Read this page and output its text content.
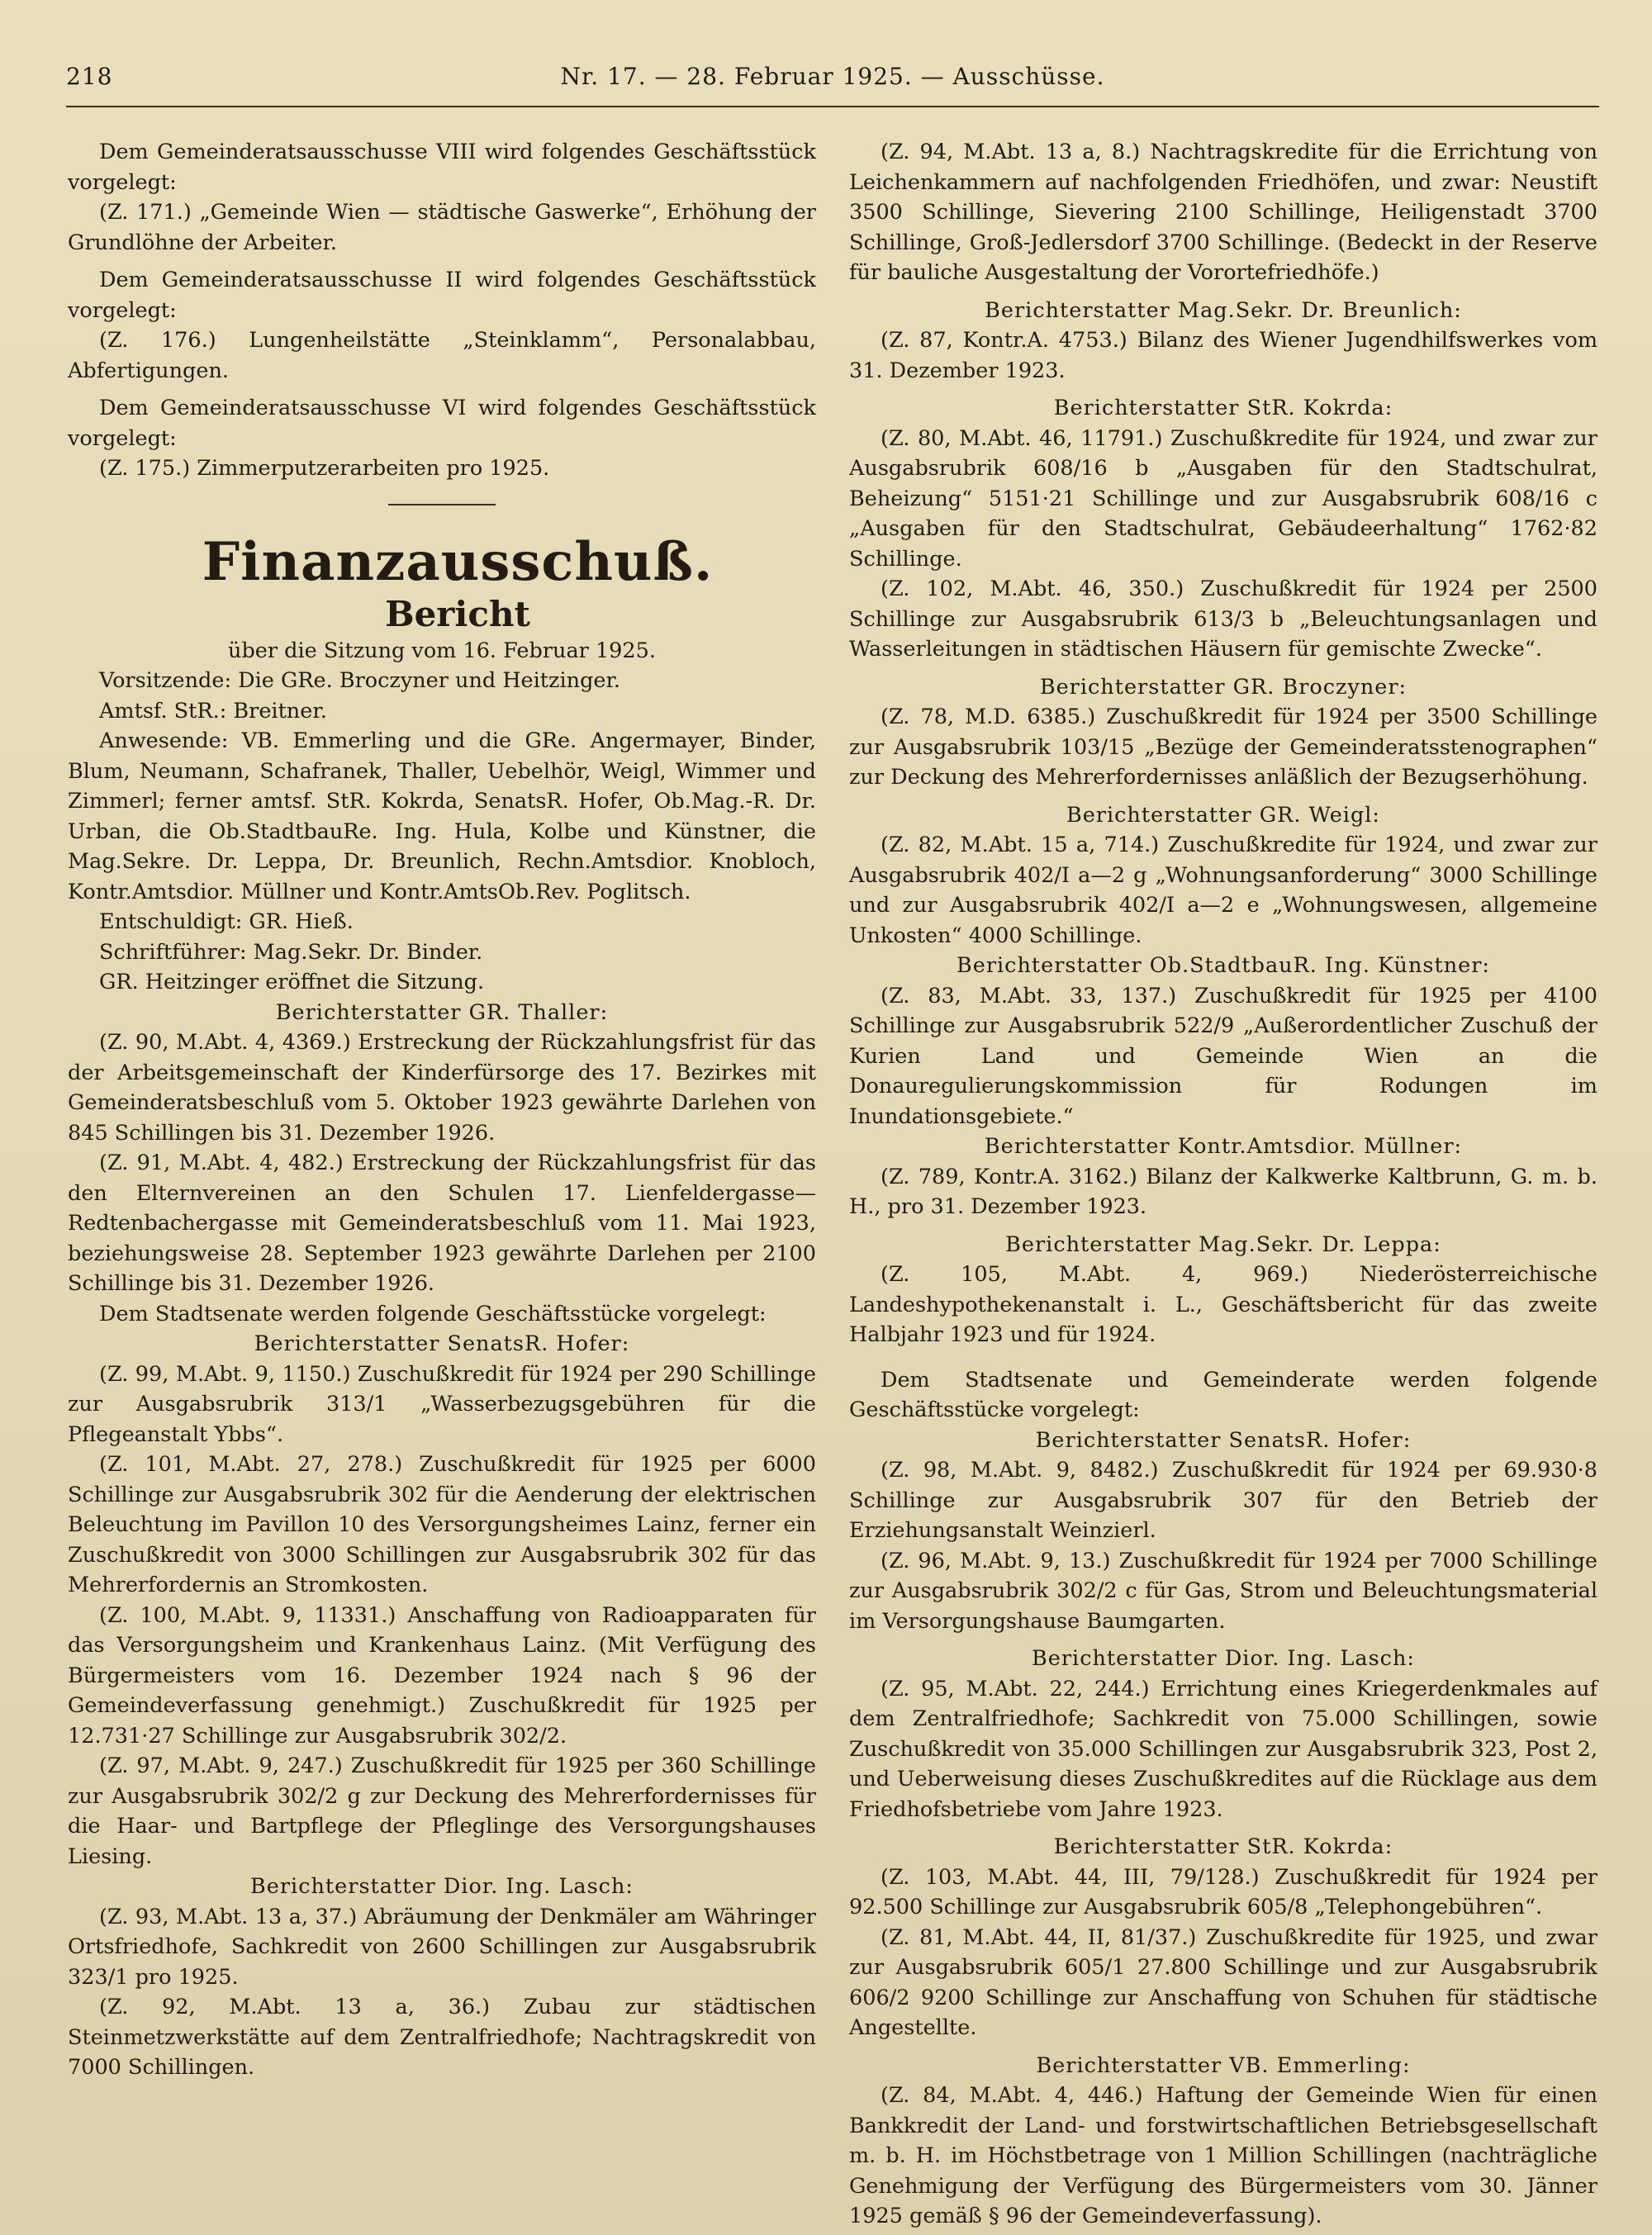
218	Nr. 17. — 28. Februar 1925. — Ausschüsse.

Dem Gemeinderatsausschusse VIII wird folgendes Geschäftsstück vorgelegt:

(Z. 171.) „Gemeinde Wien — städtische Gaswerke“, Erhöhung der Grundlöhne der Arbeiter.

Dem Gemeinderatsausschusse II wird folgendes Geschäftsstück vorgelegt:

(Z. 176.) Lungenheilstätte „Steinklamm“, Personalabbau, Abfertigungen.

Dem Gemeinderatsausschusse VI wird folgendes Geschäftsstück vorgelegt:

(Z. 175.) Zimmerputzerarbeiten pro 1925.

Finanzausschuß.

Bericht

über die Sitzung vom 16. Februar 1925.

Vorsitzende: Die GRe. Broczyner und Heitzinger.

Amtsf. StR.: Breitner.

Anwesende: VB. Emmerling und die GRe. Angermayer, Binder, Blum, Neumann, Schafranek, Thaller, Uebelhör, Weigl, Wimmer und Zimmerl; ferner amtsf. StR. Kokrda, SenatsR. Hofer, Ob.Mag.-R. Dr. Urban, die Ob.StadtbauRe. Ing. Hula, Kolbe und Künstner, die Mag.Sekre. Dr. Leppa, Dr. Breunlich, Rechn.Amtsdior. Knobloch, Kontr.Amtsdior. Müllner und Kontr.AmtsOb.Rev. Poglitsch.

Entschuldigt: GR. Hieß.

Schriftführer: Mag.Sekr. Dr. Binder.

GR. Heitzinger eröffnet die Sitzung.

Berichterstatter GR. Thaller:

(Z. 90, M.Abt. 4, 4369.) Erstreckung der Rückzahlungsfrist für das der Arbeitsgemeinschaft der Kinderfürsorge des 17. Bezirkes mit Gemeinderatsbeschluß vom 5. Oktober 1923 gewährte Darlehen von 845 Schillingen bis 31. Dezember 1926.

(Z. 91, M.Abt. 4, 482.) Erstreckung der Rückzahlungsfrist für das den Elternvereinen an den Schulen 17. Lienfeldergasse—Redtenbachergasse mit Gemeinderatsbeschluß vom 11. Mai 1923, beziehungsweise 28. September 1923 gewährte Darlehen per 2100 Schillinge bis 31. Dezember 1926.

Dem Stadtsenate werden folgende Geschäftsstücke vorgelegt:

Berichterstatter SenatsR. Hofer:

(Z. 99, M.Abt. 9, 1150.) Zuschußkredit für 1924 per 290 Schillinge zur Ausgabsrubrik 313/1 „Wasserbezugsgebühren für die Pflegeanstalt Ybbs“.

(Z. 101, M.Abt. 27, 278.) Zuschußkredit für 1925 per 6000 Schillinge zur Ausgabsrubrik 302 für die Aenderung der elektrischen Beleuchtung im Pavillon 10 des Versorgungsheimes Lainz, ferner ein Zuschußkredit von 3000 Schillingen zur Ausgabsrubrik 302 für das Mehrerfordernis an Stromkosten.

(Z. 100, M.Abt. 9, 11331.) Anschaffung von Radioapparaten für das Versorgungsheim und Krankenhaus Lainz. (Mit Verfügung des Bürgermeisters vom 16. Dezember 1924 nach § 96 der Gemeindeverfassung genehmigt.) Zuschußkredit für 1925 per 12.731·27 Schillinge zur Ausgabsrubrik 302/2.

(Z. 97, M.Abt. 9, 247.) Zuschußkredit für 1925 per 360 Schillinge zur Ausgabsrubrik 302/2 g zur Deckung des Mehrerfordernisses für die Haar- und Bartpflege der Pfleglinge des Versorgungshauses Liesing.

Berichterstatter Dior. Ing. Lasch:

(Z. 93, M.Abt. 13 a, 37.) Abräumung der Denkmäler am Währinger Ortsfriedhofe, Sachkredit von 2600 Schillingen zur Ausgabsrubrik 323/1 pro 1925.

(Z. 92, M.Abt. 13 a, 36.) Zubau zur städtischen Steinmetzwerkstätte auf dem Zentralfriedhofe; Nachtragskredit von 7000 Schillingen.

(Z. 94, M.Abt. 13 a, 8.) Nachtragskredite für die Errichtung von Leichenkammern auf nachfolgenden Friedhöfen, und zwar: Neustift 3500 Schillinge, Sievering 2100 Schillinge, Heiligenstadt 3700 Schillinge, Groß-Jedlersdorf 3700 Schillinge. (Bedeckt in der Reserve für bauliche Ausgestaltung der Vorortefriedhöfe.)

Berichterstatter Mag.Sekr. Dr. Breunlich:

(Z. 87, Kontr.A. 4753.) Bilanz des Wiener Jugendhilfswerkes vom 31. Dezember 1923.

Berichterstatter StR. Kokrda:

(Z. 80, M.Abt. 46, 11791.) Zuschußkredite für 1924, und zwar zur Ausgabsrubrik 608/16 b „Ausgaben für den Stadtschulrat, Beheizung“ 5151·21 Schillinge und zur Ausgabsrubrik 608/16 c „Ausgaben für den Stadtschulrat, Gebäudeerhaltung“ 1762·82 Schillinge.

(Z. 102, M.Abt. 46, 350.) Zuschußkredit für 1924 per 2500 Schillinge zur Ausgabsrubrik 613/3 b „Beleuchtungsanlagen und Wasserleitungen in städtischen Häusern für gemischte Zwecke“.

Berichterstatter GR. Broczyner:

(Z. 78, M.D. 6385.) Zuschußkredit für 1924 per 3500 Schillinge zur Ausgabsrubrik 103/15 „Bezüge der Gemeinderatsstenographen“ zur Deckung des Mehrerfordernisses anläßlich der Bezugserhöhung.

Berichterstatter GR. Weigl:

(Z. 82, M.Abt. 15 a, 714.) Zuschußkredite für 1924, und zwar zur Ausgabsrubrik 402/I a—2 g „Wohnungsanforderung“ 3000 Schillinge und zur Ausgabsrubrik 402/I a—2 e „Wohnungswesen, allgemeine Unkosten“ 4000 Schillinge.

Berichterstatter Ob.StadtbauR. Ing. Künstner:

(Z. 83, M.Abt. 33, 137.) Zuschußkredit für 1925 per 4100 Schillinge zur Ausgabsrubrik 522/9 „Außerordentlicher Zuschuß der Kurien Land und Gemeinde Wien an die Donauregulierungskommission für Rodungen im Inundationsgebiete.“

Berichterstatter Kontr.Amtsdior. Müllner:

(Z. 789, Kontr.A. 3162.) Bilanz der Kalkwerke Kaltbrunn, G. m. b. H., pro 31. Dezember 1923.

Berichterstatter Mag.Sekr. Dr. Leppa:

(Z. 105, M.Abt. 4, 969.) Niederösterreichische Landeshypothekenanstalt i. L., Geschäftsbericht für das zweite Halbjahr 1923 und für 1924.

Dem Stadtsenate und Gemeinderate werden folgende Geschäftsstücke vorgelegt:

Berichterstatter SenatsR. Hofer:

(Z. 98, M.Abt. 9, 8482.) Zuschußkredit für 1924 per 69.930·8 Schillinge zur Ausgabsrubrik 307 für den Betrieb der Erziehungsanstalt Weinzierl.

(Z. 96, M.Abt. 9, 13.) Zuschußkredit für 1924 per 7000 Schillinge zur Ausgabsrubrik 302/2 c für Gas, Strom und Beleuchtungsmaterial im Versorgungshause Baumgarten.

Berichterstatter Dior. Ing. Lasch:

(Z. 95, M.Abt. 22, 244.) Errichtung eines Kriegerdenkmales auf dem Zentralfriedhofe; Sachkredit von 75.000 Schillingen, sowie Zuschußkredit von 35.000 Schillingen zur Ausgabsrubrik 323, Post 2, und Ueberweisung dieses Zuschußkredites auf die Rücklage aus dem Friedhofsbetriebe vom Jahre 1923.

Berichterstatter StR. Kokrda:

(Z. 103, M.Abt. 44, III, 79/128.) Zuschußkredit für 1924 per 92.500 Schillinge zur Ausgabsrubrik 605/8 „Telephongebühren“.

(Z. 81, M.Abt. 44, II, 81/37.) Zuschußkredite für 1925, und zwar zur Ausgabsrubrik 605/1 27.800 Schillinge und zur Ausgabsrubrik 606/2 9200 Schillinge zur Anschaffung von Schuhen für städtische Angestellte.

Berichterstatter VB. Emmerling:

(Z. 84, M.Abt. 4, 446.) Haftung der Gemeinde Wien für einen Bankkredit der Land- und forstwirtschaftlichen Betriebsgesellschaft m. b. H. im Höchstbetrage von 1 Million Schillingen (nachträgliche Genehmigung der Verfügung des Bürgermeisters vom 30. Jänner 1925 gemäß § 96 der Gemeindeverfassung).
